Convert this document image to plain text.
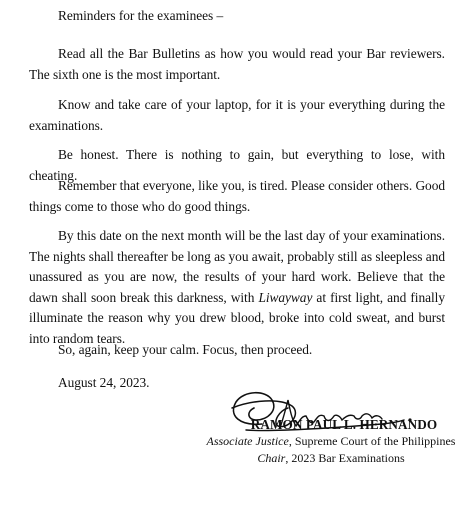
Reminders for the examinees –

Read all the Bar Bulletins as how you would read your Bar reviewers. The sixth one is the most important.

Know and take care of your laptop, for it is your everything during the examinations.

Be honest. There is nothing to gain, but everything to lose, with cheating.

Remember that everyone, like you, is tired. Please consider others. Good things come to those who do good things.

By this date on the next month will be the last day of your examinations. The nights shall thereafter be long as you await, probably still as sleepless and unassured as you are now, the results of your hard work. Believe that the dawn shall soon break this darkness, with Liwayway at first light, and finally illuminate the reason why you drew blood, broke into cold sweat, and burst into random tears.

So, again, keep your calm. Focus, then proceed.

August 24, 2023.

RAMON PAUL L. HERNANDO
Associate Justice, Supreme Court of the Philippines
Chair, 2023 Bar Examinations
